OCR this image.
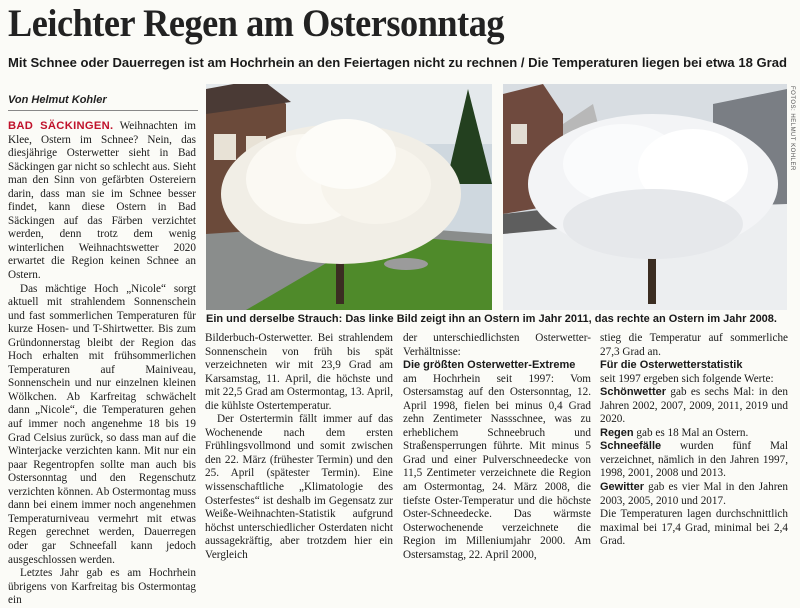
Leichter Regen am Ostersonntag
Mit Schnee oder Dauerregen ist am Hochrhein an den Feiertagen nicht zu rechnen / Die Temperaturen liegen bei etwa 18 Grad
Von Helmut Kohler

BAD SÄCKINGEN. Weihnachten im Klee, Ostern im Schnee? Nein, das diesjährige Osterwetter sieht in Bad Säckingen gar nicht so schlecht aus. Sieht man den Sinn von gefärbten Ostereiern darin, dass man sie im Schnee besser findet, kann diese Ostern in Bad Säckingen auf das Färben verzichtet werden, denn trotz dem wenig winterlichen Weihnachtswetter 2020 erwartet die Region keinen Schnee an Ostern.

Das mächtige Hoch „Nicole“ sorgt aktuell mit strahlendem Sonnenschein und fast sommerlichen Temperaturen für kurze Hosen- und T-Shirtwetter. Bis zum Gründonnerstag bleibt der Region das Hoch erhalten mit frühsommerlichen Temperaturen auf Mainiveau, Sonnenschein und nur einzelnen kleinen Wölkchen. Ab Karfreitag schwächelt dann „Nicole“, die Temperaturen gehen auf immer noch angenehme 18 bis 19 Grad Celsius zurück, so dass man auf die Winterjacke verzichten kann. Mit nur ein paar Regentropfen sollte man auch bis Ostersonntag und den Regenschutz verzichten können. Ab Ostermontag muss dann bei einem immer noch angenehmen Temperaturniveau vermehrt mit etwas Regen gerechnet werden, Dauerregen oder gar Schneefall kann jedoch ausgeschlossen werden.

Letztes Jahr gab es am Hochrhein übrigens von Karfreitag bis Ostermontag ein

FOTOS: HELMUT KOHLER
Ein und derselbe Strauch: Das linke Bild zeigt ihn an Ostern im Jahr 2011, das rechte an Ostern im Jahr 2008.

Bilderbuch-Osterwetter. Bei strahlendem Sonnenschein von früh bis spät verzeichneten wir mit 23,9 Grad am Karsamstag, 11. April, die höchste und mit 22,5 Grad am Ostermontag, 13. April, die kühlste Ostertemperatur.

Der Ostertermin fällt immer auf das Wochenende nach dem ersten Frühlingsvollmond und somit zwischen den 22. März (frühester Termin) und den 25. April (spätester Termin). Eine wissenschaftliche „Klimatologie des Osterfestes“ ist deshalb im Gegensatz zur Weiße-Weihnachten-Statistik aufgrund höchst unterschiedlicher Osterdaten nicht aussagekräftig, aber trotzdem hier ein Vergleich

der unterschiedlichsten Osterwetter-Verhältnisse:

Die größten Osterwetter-Extreme

am Hochrhein seit 1997: Vom Ostersamstag auf den Ostersonntag, 12. April 1998, fielen bei minus 0,4 Grad zehn Zentimeter Nassschnee, was zu erheblichem Schneebruch und Straßensperrungen führte. Mit minus 5 Grad und einer Pulverschneedecke von 11,5 Zentimeter verzeichnete die Region am Ostermontag, 24. März 2008, die tiefste Oster-Temperatur und die höchste Oster-Schneedecke. Das wärmste Osterwochenende verzeichnete die Region im Milleniumjahr 2000. Am Ostersamstag, 22. April 2000,

stieg die Temperatur auf sommerliche 27,3 Grad an.

Für die Osterwetterstatistik

seit 1997 ergeben sich folgende Werte:

Schönwetter gab es sechs Mal: in den Jahren 2002, 2007, 2009, 2011, 2019 und 2020.

Regen gab es 18 Mal an Ostern.

Schneefälle wurden fünf Mal verzeichnet, nämlich in den Jahren 1997, 1998, 2001, 2008 und 2013.

Gewitter gab es vier Mal in den Jahren 2003, 2005, 2010 und 2017.

Die Temperaturen lagen durchschnittlich maximal bei 17,4 Grad, minimal bei 2,4 Grad.
